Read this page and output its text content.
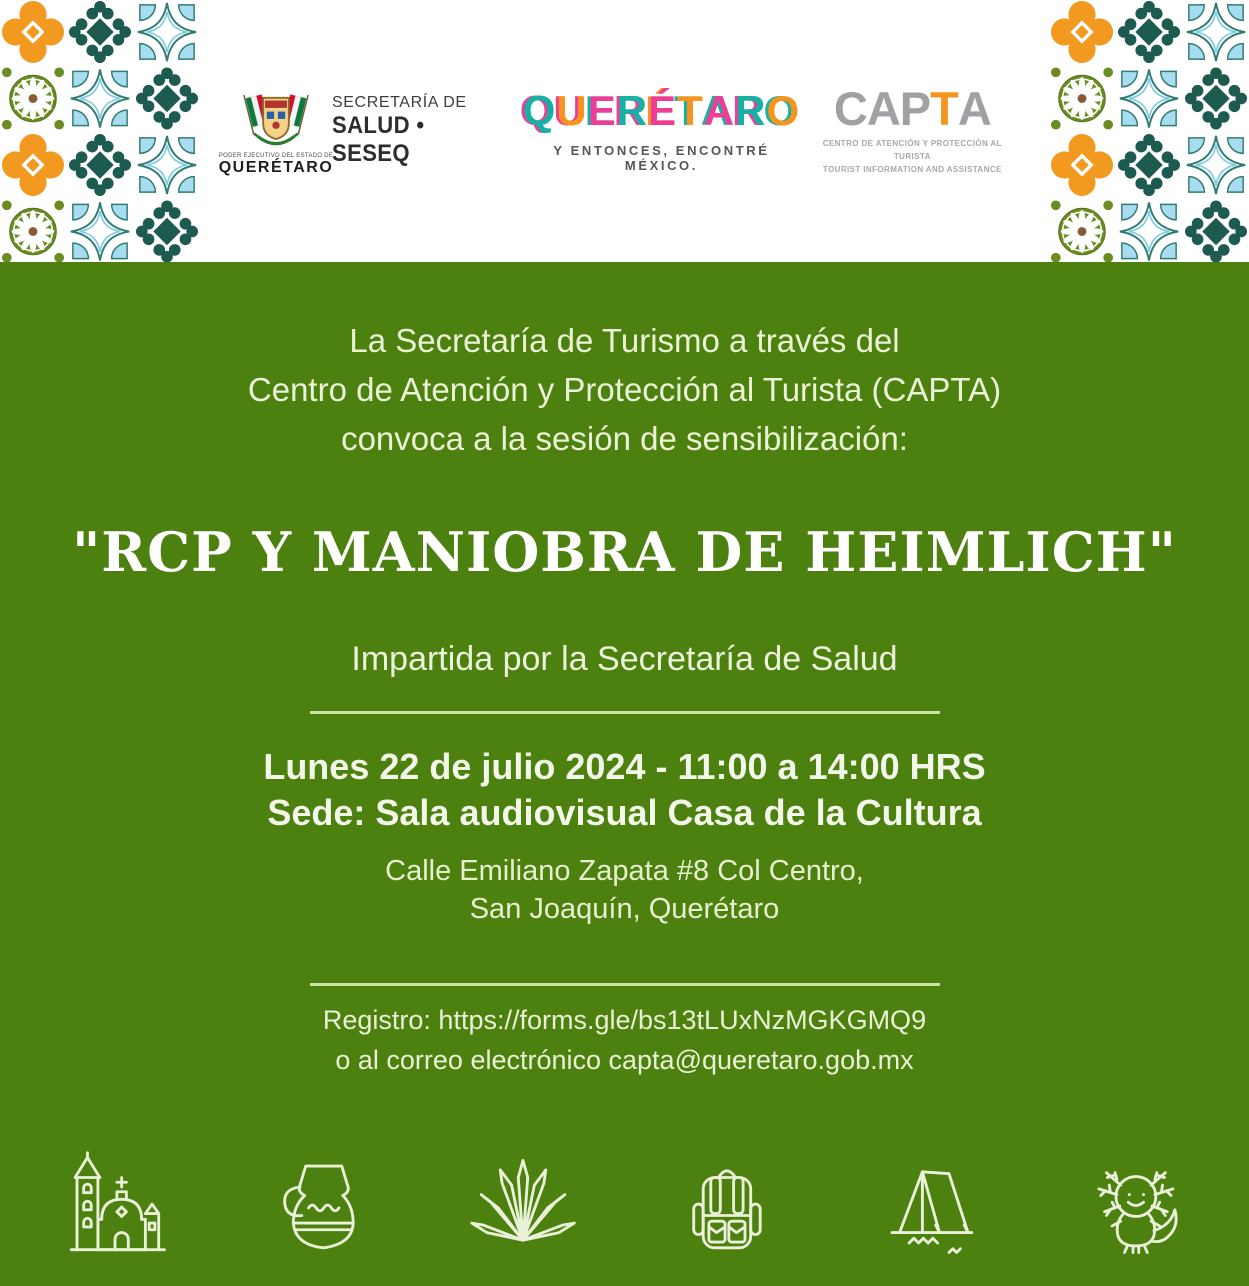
PODER EJECUTIVO DEL ESTADO DE
QUERÉTARO
SECRETARÍA DE
SALUD • SESEQ
Q U E R É T A R O
Y ENTONCES, ENCONTRÉ MÉXICO.
C A P T A
CENTRO DE ATENCIÓN Y PROTECCIÓN AL TURISTA
TOURIST INFORMATION AND ASSISTANCE
La Secretaría de Turismo a través del
Centro de Atención y Protección al Turista (CAPTA)
convoca a la sesión de sensibilización:
"RCP Y MANIOBRA DE HEIMLICH"
Impartida por la Secretaría de Salud
Lunes 22 de julio 2024 - 11:00 a 14:00 HRS
Sede: Sala audiovisual Casa de la Cultura
Calle Emiliano Zapata #8 Col Centro,
San Joaquín, Querétaro
Registro: https://forms.gle/bs13tLUxNzMGKGMQ9
o al correo electrónico capta@queretaro.gob.mx
